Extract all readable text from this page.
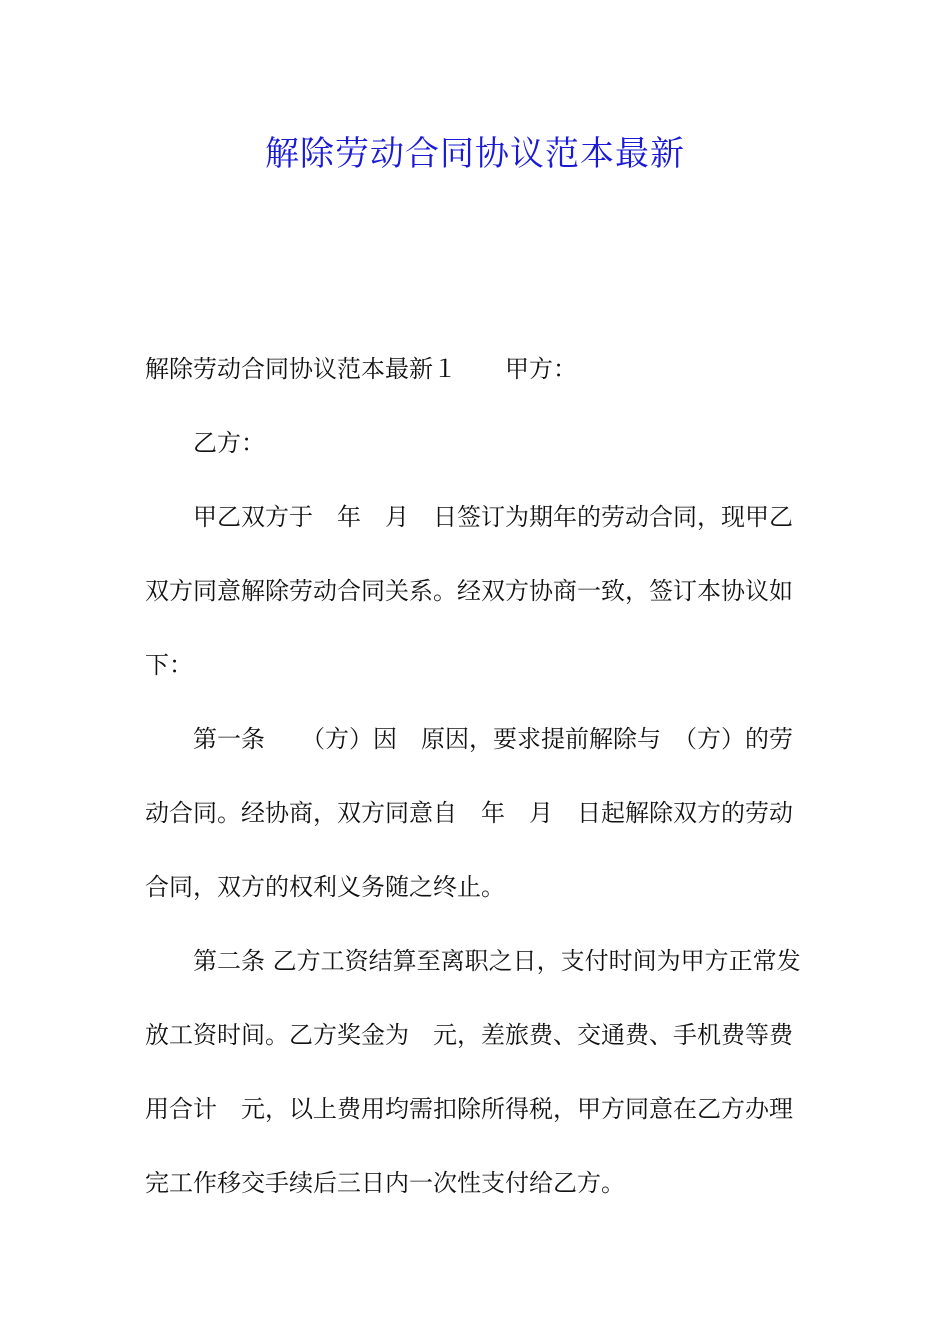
解除劳动合同协议范本最新
解除劳动合同协议范本最新１　　甲方：
乙方：
甲乙双方于　年　月　日签订为期年的劳动合同，现甲乙
双方同意解除劳动合同关系。经双方协商一致，签订本协议如
下：
第一条　　（方）因　原因，要求提前解除与　（方）的劳
动合同。经协商，双方同意自　年　月　日起解除双方的劳动
合同，双方的权利义务随之终止。
第二条 乙方工资结算至离职之日，支付时间为甲方正常发
放工资时间。乙方奖金为　元，差旅费、交通费、手机费等费
用合计　元，以上费用均需扣除所得税，甲方同意在乙方办理
完工作移交手续后三日内一次性支付给乙方。
